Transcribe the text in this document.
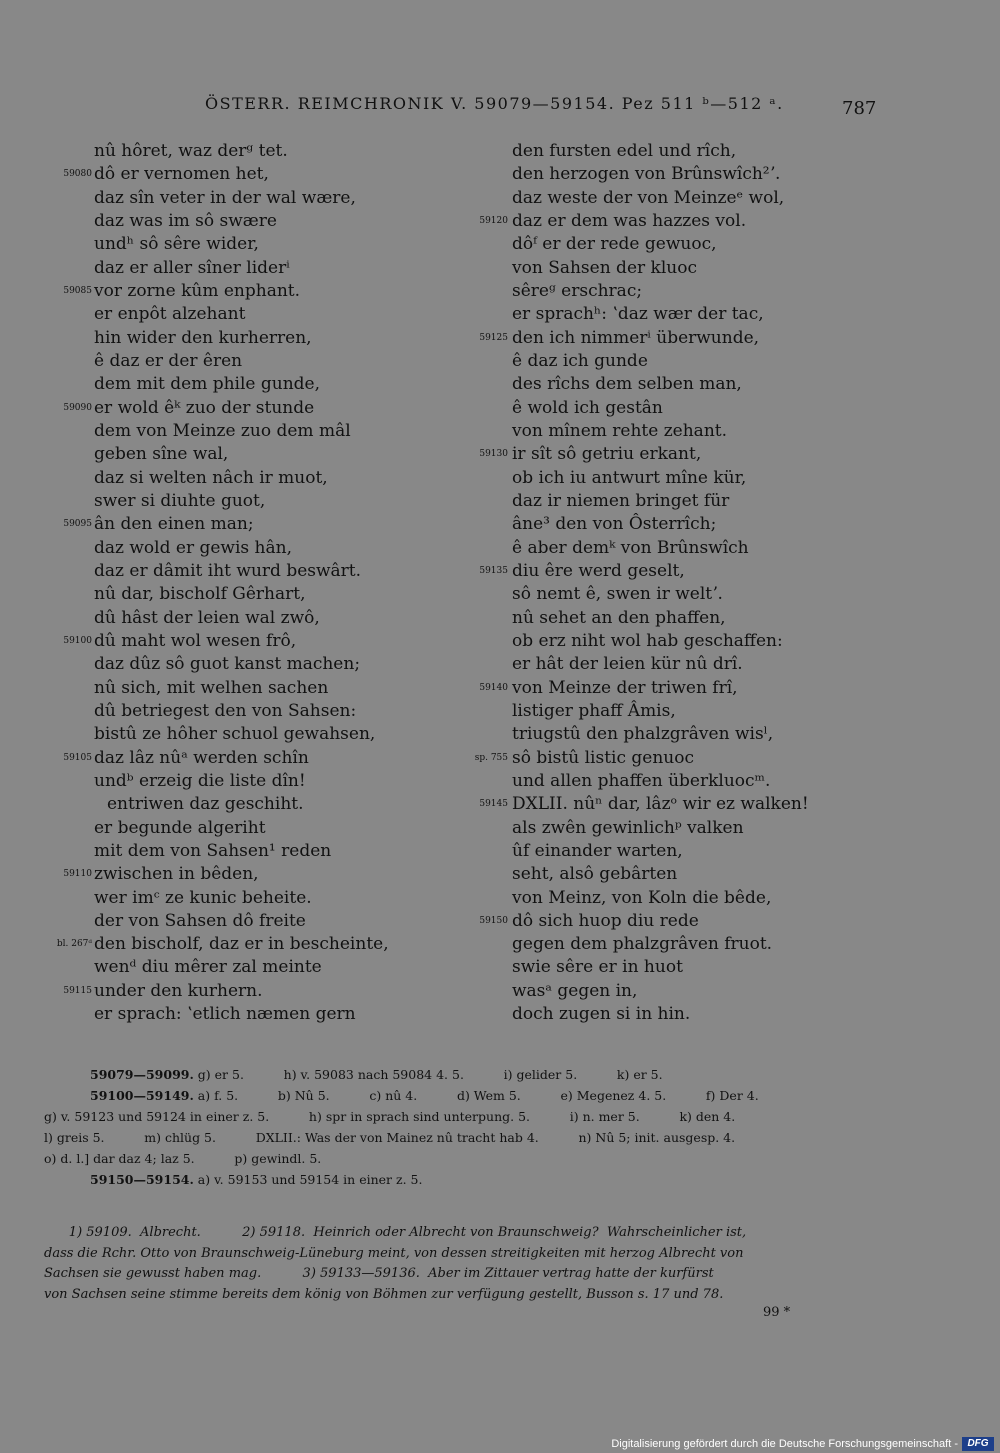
ÖSTERR. REIMCHRONIK V. 59079—59154. Pez 511 ᵇ—512 ᵃ.	787
nû hôret, waz derᵍ tet.
59080 dô er vernomen het,
daz sîn veter in der wal wære,
daz was im sô swære
undʰ sô sêre wider,
daz er aller sîner liderⁱ
59085 vor zorne kûm enphant.
er enpôt alzehant
hin wider den kurherren,
ê daz er der êren
dem mit dem phile gunde,
59090 er wold êᵏ zuo der stunde
dem von Meinze zuo dem mâl
geben sîne wal,
daz si welten nâch ir muot,
swer si diuhte guot,
59095 ân den einen man;
daz wold er gewis hân,
daz er dâmit iht wurd beswârt.
nû dar, bischolf Gêrhart,
dû hâst der leien wal zwô,
59100 dû maht wol wesen frô,
daz dûz sô guot kanst machen;
nû sich, mit welhen sachen
dû betriegest den von Sahsen:
bistû ze hôher schuol gewahsen,
59105 daz lâz nûᵃ werden schîn
undᵇ erzeig die liste dîn!
entriwen daz geschiht.
er begunde algeriht
mit dem von Sahsen¹ reden
59110 zwischen in bêden,
wer imᶜ ze kunic beheite.
der von Sahsen dô freite
bl. 267ᵈ den bischolf, daz er in bescheinte,
wenᵈ diu mêrer zal meinte
59115 under den kurhern.
er sprach: ʽetlich næmen gern
den fursten edel und rîch,
den herzogen von Brûnswîch²ʼ.
daz weste der von Meinzeᵉ wol,
59120 daz er dem was hazzes vol.
dôᶠ er der rede gewuoc,
von Sahsen der kluoc
sêreᵍ erschrac;
er sprachʰ: ʽdaz wær der tac,
59125 den ich nimmerⁱ überwunde,
ê daz ich gunde
des rîchs dem selben man,
ê wold ich gestân
von mînem rehte zehant.
59130 ir sît sô getriu erkant,
ob ich iu antwurt mîne kür,
daz ir niemen bringet für
âne³ den von Ôsterrîch;
ê aber demᵏ von Brûnswîch
59135 diu êre werd geselt,
sô nemt ê, swen ir weltʼ.
nû sehet an den phaffen,
ob erz niht wol hab geschaffen:
er hât der leien kür nû drî.
59140 von Meinze der triwen frî,
listiger phaff Âmis,
triugstû den phalzgrâven wisˡ,
sp. 755 sô bistû listic genuoc
und allen phaffen überkluocᵐ.
59145 DXLII. nûⁿ dar, lâzᵒ wir ez walken!
als zwên gewinlichᵖ valken
ûf einander warten,
seht, alsô gebârten
von Meinz, von Koln die bêde,
59150 dô sich huop diu rede
gegen dem phalzgrâven fruot.
swie sêre er in huot
wasᵃ gegen in,
doch zugen si in hin.
59079—59099. g) er 5.          h) v. 59083 nach 59084 4. 5.          i) gelider 5.          k) er 5.
59100—59149. a) f. 5.          b) Nû 5.          c) nû 4.          d) Wem 5.          e) Megenez 4. 5.          f) Der 4.
g) v. 59123 und 59124 in einer z. 5.          h) spr in sprach sind unterpung. 5.          i) n. mer 5.          k) den 4.
l) greis 5.          m) chlüg 5.          DXLII.: Was der von Mainez nû tracht hab 4.          n) Nû 5; init. ausgesp. 4.
o) d. l.] dar daz 4; laz 5.          p) gewindl. 5.
59150—59154. a) v. 59153 und 59154 in einer z. 5.
1) 59109.  Albrecht.          2) 59118.  Heinrich oder Albrecht von Braunschweig?  Wahrscheinlicher ist,
dass die Rchr. Otto von Braunschweig-Lüneburg meint, von dessen streitigkeiten mit herzog Albrecht von
Sachsen sie gewusst haben mag.          3) 59133—59136.  Aber im Zittauer vertrag hatte der kurfürst
von Sachsen seine stimme bereits dem könig von Böhmen zur verfügung gestellt, Busson s. 17 und 78.
99 *
Digitalisierung gefördert durch die Deutsche Forschungsgemeinschaft - DFG
